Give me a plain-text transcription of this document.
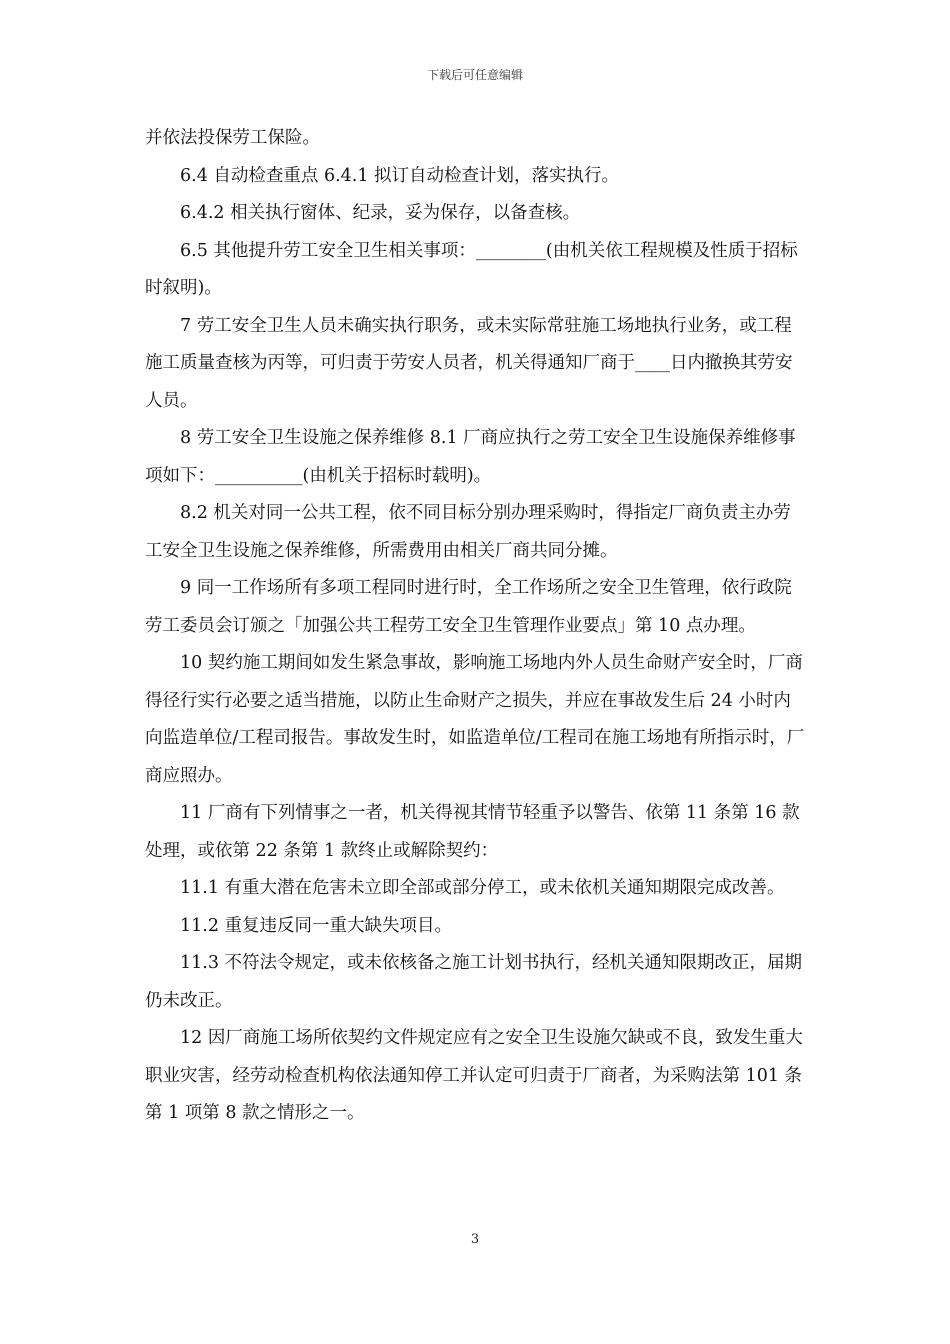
下载后可任意编辑

并依法投保劳工保险。

6.4 自动检查重点 6.4.1 拟订自动检查计划，落实执行。

6.4.2 相关执行窗体、纪录，妥为保存，以备查核。

6.5 其他提升劳工安全卫生相关事项：________(由机关依工程规模及性质于招标时叙明)。

7 劳工安全卫生人员未确实执行职务，或未实际常驻施工场地执行业务，或工程施工质量查核为丙等，可归责于劳安人员者，机关得通知厂商于____日内撤换其劳安人员。

8 劳工安全卫生设施之保养维修 8.1 厂商应执行之劳工安全卫生设施保养维修事项如下：__________(由机关于招标时载明)。

8.2 机关对同一公共工程，依不同目标分别办理采购时，得指定厂商负责主办劳工安全卫生设施之保养维修，所需费用由相关厂商共同分摊。

9 同一工作场所有多项工程同时进行时，全工作场所之安全卫生管理，依行政院劳工委员会订颁之「加强公共工程劳工安全卫生管理作业要点」第 10 点办理。

10 契约施工期间如发生紧急事故，影响施工场地内外人员生命财产安全时，厂商得径行实行必要之适当措施，以防止生命财产之损失，并应在事故发生后 24 小时内向监造单位/工程司报告。事故发生时，如监造单位/工程司在施工场地有所指示时，厂商应照办。

11 厂商有下列情事之一者，机关得视其情节轻重予以警告、依第 11 条第 16 款处理，或依第 22 条第 1 款终止或解除契约：

11.1 有重大潜在危害未立即全部或部分停工，或未依机关通知期限完成改善。

11.2 重复违反同一重大缺失项目。

11.3 不符法令规定，或未依核备之施工计划书执行，经机关通知限期改正，届期仍未改正。

12 因厂商施工场所依契约文件规定应有之安全卫生设施欠缺或不良，致发生重大职业灾害，经劳动检查机构依法通知停工并认定可归责于厂商者，为采购法第 101 条第 1 项第 8 款之情形之一。

3
